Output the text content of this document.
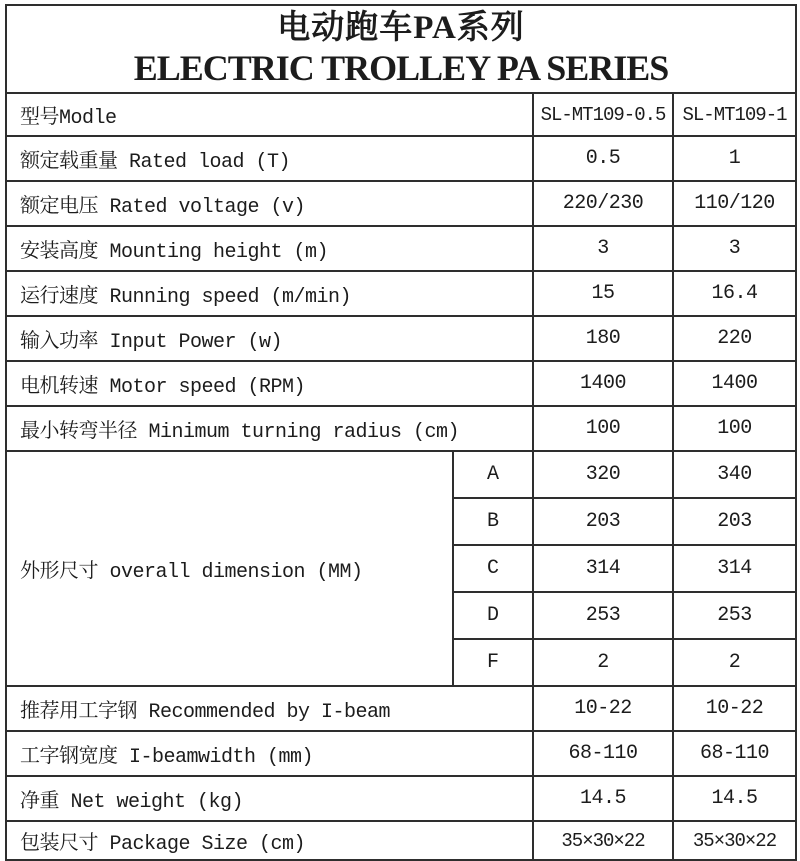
电动跑车PA系列
ELECTRIC TROLLEY PA SERIES			

型号Modle		SL-MT109-0.5	SL-MT109-1
额定载重量 Rated load (T)		0.5	1
额定电压 Rated voltage (v)		220/230	110/120
安装高度 Mounting height (m)		3	3
运行速度 Running speed (m/min)		15	16.4
输入功率 Input Power (w)		180	220
电机转速 Motor speed (RPM)		1400	1400
最小转弯半径 Minimum turning radius (cm)		100	100
外形尺寸 overall dimension (MM)	A	320	340
	B	203	203
	C	314	314
	D	253	253
	F	2	2
推荐用工字钢 Recommended by I-beam		10-22	10-22
工字钢宽度 I-beamwidth (mm)		68-110	68-110
净重 Net weight (kg)		14.5	14.5
包装尺寸 Package Size (cm)		35×30×22	35×30×22
